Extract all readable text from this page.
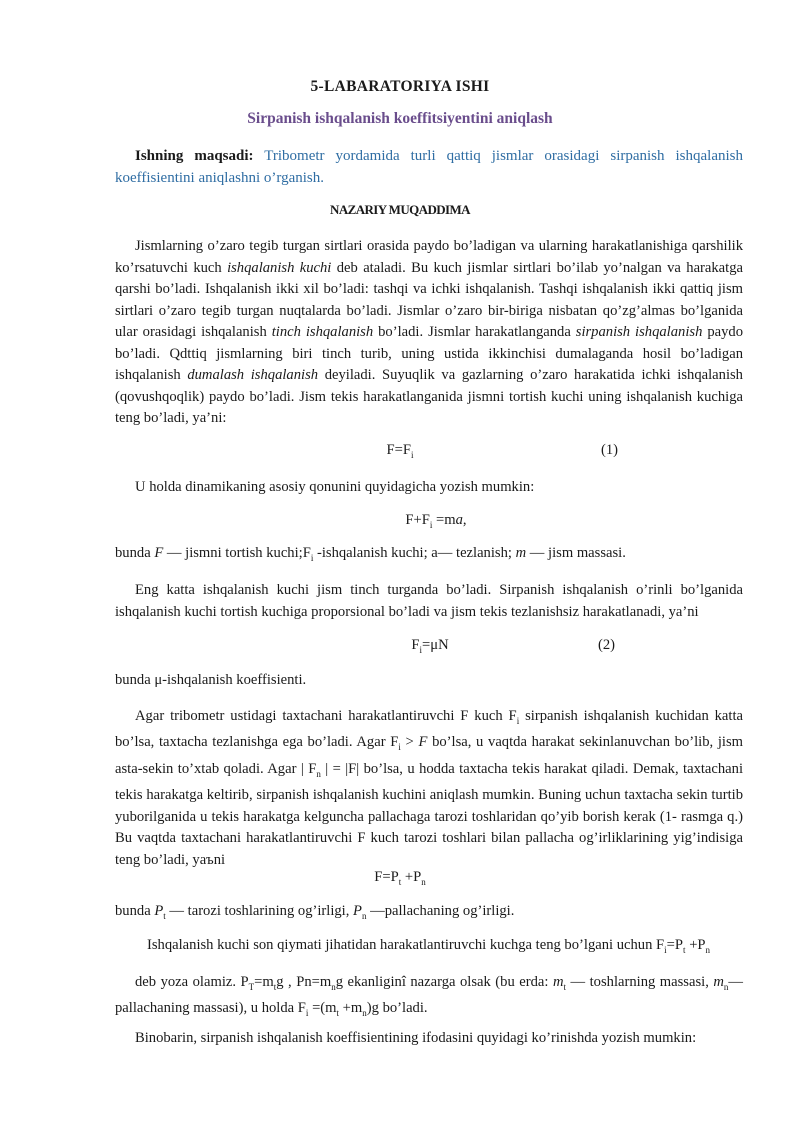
5-LABARATORIYA ISHI
Sirpanish ishqalanish koeffitsiyentini aniqlash
Ishning maqsadi: Tribometr yordamida turli qattiq jismlar orasidagi sirpanish ishqalanish koeffisientini aniqlashni o’rganish.
NAZARIY MUQADDIMA
Jismlarning o’zaro tegib turgan sirtlari orasida paydo bo’ladigan va ularning harakatlanishiga qarshilik ko’rsatuvchi kuch ishqalanish kuchi deb ataladi. Bu kuch jismlar sirtlari bo’ilab yo’nalgan va harakatga qarshi bo’ladi. Ishqalanish ikki xil bo’ladi: tashqi va ichki ishqalanish. Tashqi ishqalanish ikki qattiq jism sirtlari o’zaro tegib turgan nuqtalarda bo’ladi. Jismlar o’zaro bir-biriga nisbatan qo’zg’almas bo’lganida ular orasidagi ishqalanish tinch ishqalanish bo’ladi. Jismlar harakatlanganda sirpanish ishqalanish paydo bo’ladi. Qdttiq jismlarning biri tinch turib, uning ustida ikkinchisi dumalaganda hosil bo’ladigan ishqalanish dumalash ishqalanish deyiladi. Suyuqlik va gazlarning o’zaro harakatida ichki ishqalanish (qovushqoqlik) paydo bo’ladi. Jism tekis harakatlanganida jismni tortish kuchi uning ishqalanish kuchiga teng bo’ladi, ya’ni:
$F=F_i$	(1)
U holda dinamikaning asosiy qonunini quyidagicha yozish mumkin:
$F+F_i =ma$,
bunda F — jismni tortish $kuchi;F_i$ -ishqalanish kuchi; a— tezlanish; m — jism massasi.
Eng katta ishqalanish kuchi jism tinch turganda bo’ladi. Sirpanish ishqalanish o’rinli bo’lganida ishqalanish kuchi tortish kuchiga proporsional bo’ladi va jism tekis tezlanishsiz harakatlanadi, ya’ni
$F_i=\mu N$	(2)
bunda μ-ishqalanish koeffisienti.
Agar tribometr ustidagi taxtachani harakatlantiruvchi F kuch $F_i$ sirpanish ishqalanish kuchidan katta bo’lsa, taxtacha tezlanishga ega bo’ladi. Agar $F_i > F$ bo’lsa, u vaqtda harakat sekinlanuvchan bo’lib, jism asta-sekin to’xtab qoladi. Agar | $F_n$ | = |F| bo’lsa, u hodda taxtacha tekis harakat qiladi. Demak, taxtachani tekis harakatga keltirib, sirpanish ishqalanish kuchini aniqlash mumkin. Buning uchun taxtacha sekin turtib yuborilganida u tekis harakatga kelguncha pallachaga tarozi toshlaridan qo’yib borish kerak (1- rasmga q.) Bu vaqtda taxtachani harakatlantiruvchi F kuch tarozi toshlari bilan pallacha og’irliklarining yig’indisiga teng bo’ladi, yaъni
$F=P_t +P_n$
bunda $P_t$ — tarozi toshlarining og’irligi, $P_n$ —pallachaning og’irligi.
Ishqalanish kuchi son qiymati jihatidan harakatlantiruvchi kuchga teng bo’lgani uchun $F_i=P_t +P_n$
deb yoza olamiz. $P_T=m_tg$ , $Pn=m_ng$ ekanliginî nazarga olsak (bu erda: $m_t$ — toshlarning massasi, $m_n—$ pallachaning massasi), u holda $F_i =(m_t +m_n)g$ bo’ladi.
Binobarin, sirpanish ishqalanish koeffisientining ifodasini quyidagi ko’rinishda yozish mumkin:
